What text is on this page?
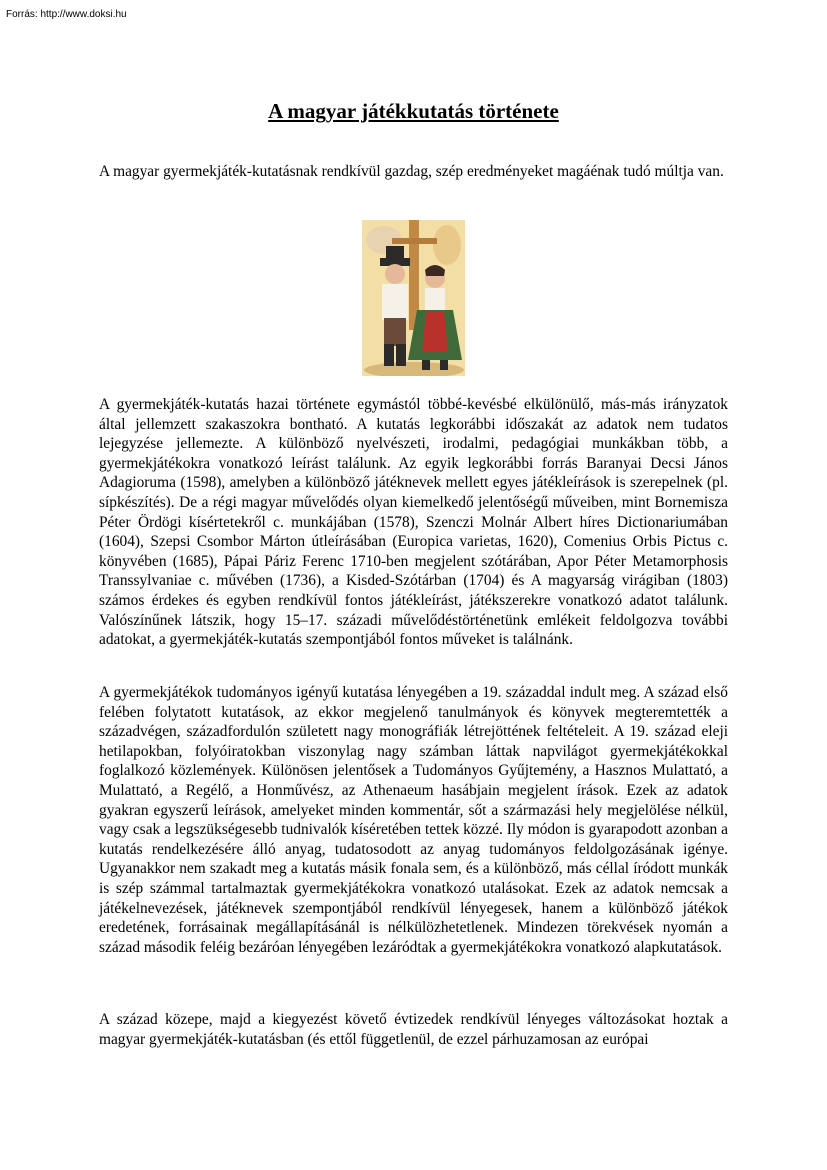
Forrás: http://www.doksi.hu
A magyar játékkutatás története

A magyar gyermekjáték-kutatásnak rendkívül gazdag, szép eredményeket magáénak tudó múltja van.

A gyermekjáték-kutatás hazai története egymástól többé-kevésbé elkülönülő, más-más irányzatok által jellemzett szakaszokra bontható. A kutatás legkorábbi időszakát az adatok nem tudatos lejegyzése jellemezte. A különböző nyelvészeti, irodalmi, pedagógiai munkákban több, a gyermekjátékokra vonatkozó leírást találunk. Az egyik legkorábbi forrás Baranyai Decsi János Adagioruma (1598), amelyben a különböző játéknevek mellett egyes játékleírások is szerepelnek (pl. sípkészítés). De a régi magyar művelődés olyan kiemelkedő jelentőségű műveiben, mint Bornemisza Péter Ördögi kísértetekről c. munkájában (1578), Szenczi Molnár Albert híres Dictionariumában (1604), Szepsi Csombor Márton útleírásában (Europica varietas, 1620), Comenius Orbis Pictus c. könyvében (1685), Pápai Páriz Ferenc 1710-ben megjelent szótárában, Apor Péter Metamorphosis Transsylvaniae c. művében (1736), a Kisded-Szótárban (1704) és A magyarság virágiban (1803) számos érdekes és egyben rendkívül fontos játékleírást, játékszerekre vonatkozó adatot találunk. Valószínűnek látszik, hogy 15–17. századi művelődéstörténetünk emlékeit feldolgozva további adatokat, a gyermekjáték-kutatás szempontjából fontos műveket is találnánk.

A gyermekjátékok tudományos igényű kutatása lényegében a 19. századdal indult meg. A század első felében folytatott kutatások, az ekkor megjelenő tanulmányok és könyvek megteremtették a századvégen, századfordulón született nagy monográfiák létrejöttének feltételeit. A 19. század eleji hetilapokban, folyóiratokban viszonylag nagy számban láttak napvilágot gyermekjátékokkal foglalkozó közlemények. Különösen jelentősek a Tudományos Gyűjtemény, a Hasznos Mulattató, a Mulattató, a Regélő, a Honművész, az Athenaeum hasábjain megjelent írások. Ezek az adatok gyakran egyszerű leírások, amelyeket minden kommentár, sőt a származási hely megjelölése nélkül, vagy csak a legszükségesebb tudnivalók kíséretében tettek közzé. Ily módon is gyarapodott azonban a kutatás rendelkezésére álló anyag, tudatosodott az anyag tudományos feldolgozásának igénye. Ugyanakkor nem szakadt meg a kutatás másik fonala sem, és a különböző, más céllal íródott munkák is szép számmal tartalmaztak gyermekjátékokra vonatkozó utalásokat. Ezek az adatok nemcsak a játékelnevezések, játéknevek szempontjából rendkívül lényegesek, hanem a különböző játékok eredetének, forrásainak megállapításánál is nélkülözhetetlenek. Mindezen törekvések nyomán a század második feléig bezáróan lényegében lezáródtak a gyermekjátékokra vonatkozó alapkutatások.

A század közepe, majd a kiegyezést követő évtizedek rendkívül lényeges változásokat hoztak a magyar gyermekjáték-kutatásban (és ettől függetlenül, de ezzel párhuzamosan az európai
